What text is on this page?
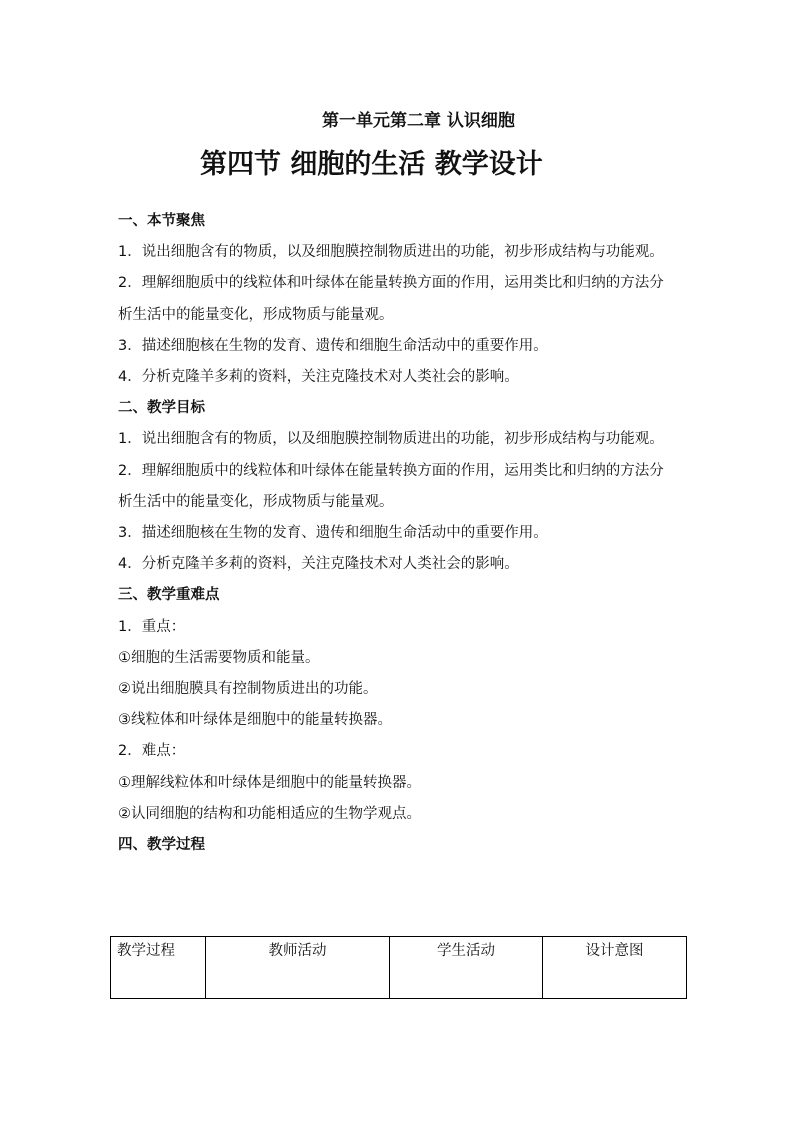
第一单元第二章 认识细胞
第四节 细胞的生活 教学设计
一、本节聚焦

1．说出细胞含有的物质，以及细胞膜控制物质进出的功能，初步形成结构与功能观。

2．理解细胞质中的线粒体和叶绿体在能量转换方面的作用，运用类比和归纳的方法分析生活中的能量变化，形成物质与能量观。

3．描述细胞核在生物的发育、遗传和细胞生命活动中的重要作用。

4．分析克隆羊多莉的资料，关注克隆技术对人类社会的影响。

二、教学目标

1．说出细胞含有的物质，以及细胞膜控制物质进出的功能，初步形成结构与功能观。

2．理解细胞质中的线粒体和叶绿体在能量转换方面的作用，运用类比和归纳的方法分析生活中的能量变化，形成物质与能量观。

3．描述细胞核在生物的发育、遗传和细胞生命活动中的重要作用。

4．分析克隆羊多莉的资料，关注克隆技术对人类社会的影响。

三、教学重难点

1．重点：

①细胞的生活需要物质和能量。

②说出细胞膜具有控制物质进出的功能。

③线粒体和叶绿体是细胞中的能量转换器。

2．难点：

①理解线粒体和叶绿体是细胞中的能量转换器。

②认同细胞的结构和功能相适应的生物学观点。

四、教学过程
教学过程	教师活动	学生活动	设计意图
